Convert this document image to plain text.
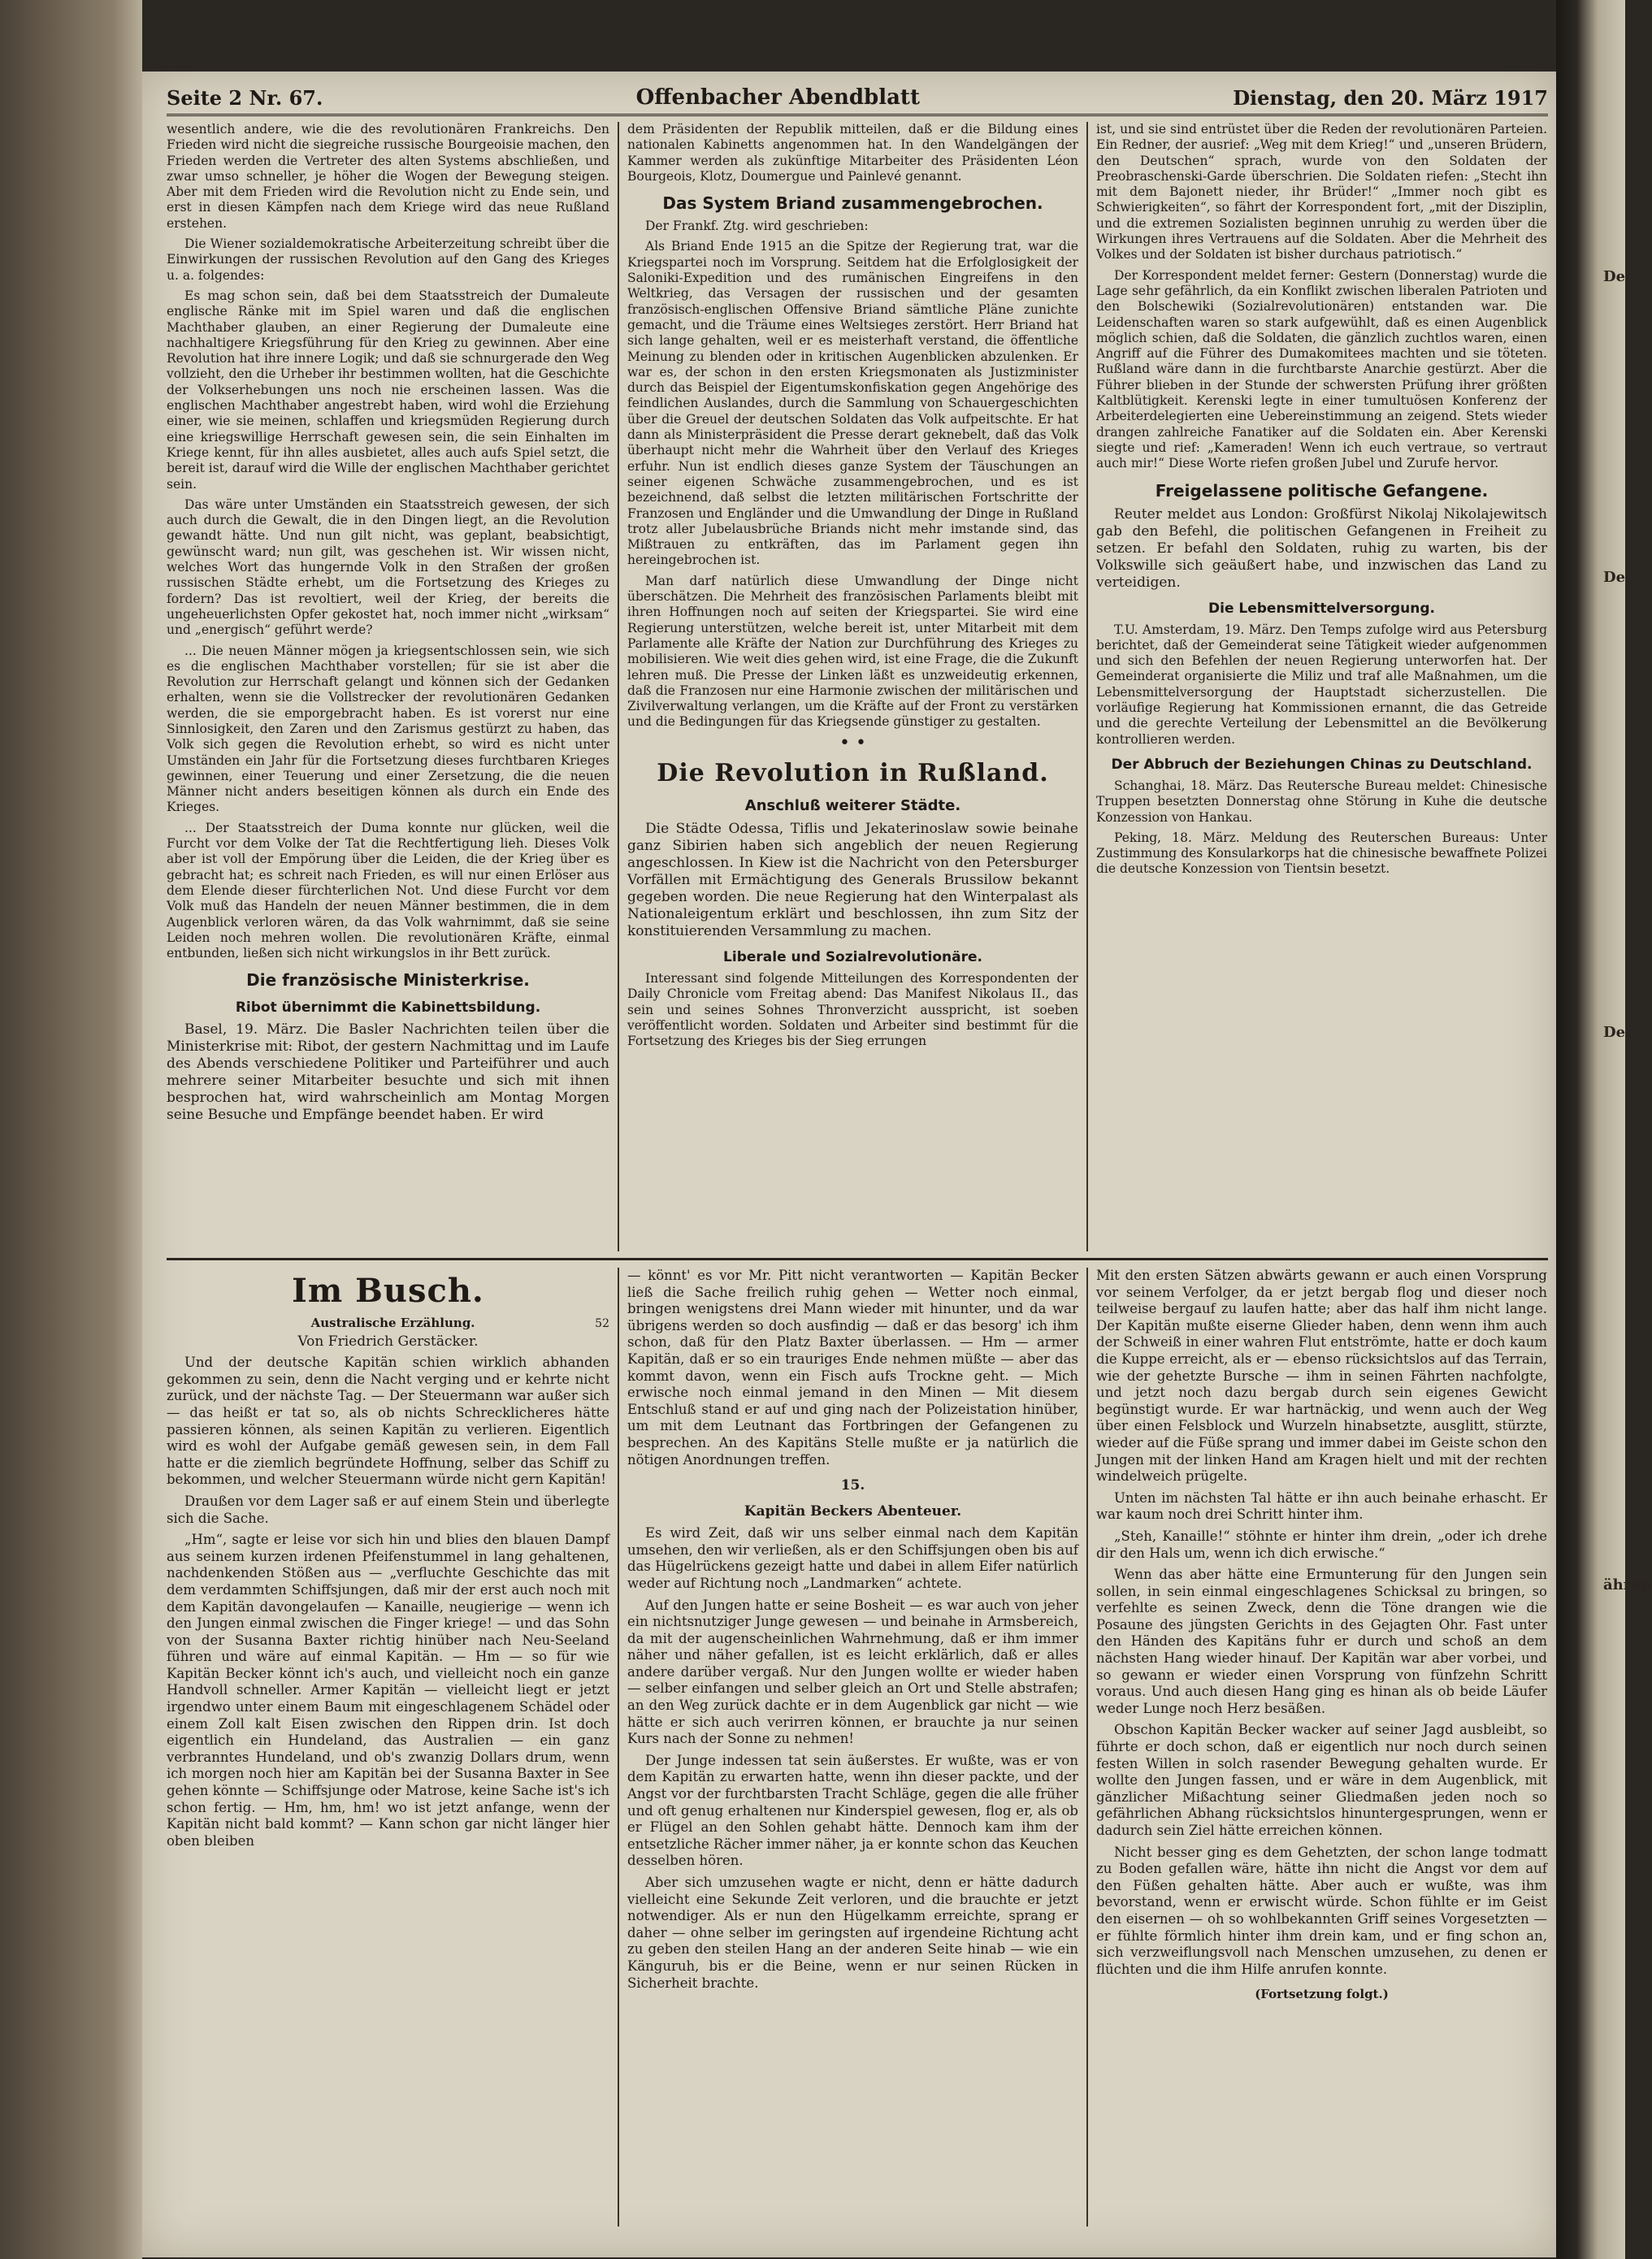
Der
De
Der
ährun
Seite 2 Nr. 67.	Offenbacher Abendblatt	Dienstag, den 20. März 1917

wesentlich andere, wie die des revolutionären Frankreichs. Den Frieden wird nicht die siegreiche russische Bourgeoisie machen, den Frieden werden die Vertreter des alten Systems abschließen, und zwar umso schneller, je höher die Wogen der Bewegung steigen. Aber mit dem Frieden wird die Revolution nicht zu Ende sein, und erst in diesen Kämpfen nach dem Kriege wird das neue Rußland erstehen.

Die Wiener sozialdemokratische Arbeiterzeitung schreibt über die Einwirkungen der russischen Revolution auf den Gang des Krieges u. a. folgendes:

Es mag schon sein, daß bei dem Staatsstreich der Dumaleute englische Ränke mit im Spiel waren und daß die englischen Machthaber glauben, an einer Regierung der Dumaleute eine nachhaltigere Kriegsführung für den Krieg zu gewinnen. Aber eine Revolution hat ihre innere Logik; und daß sie schnurgerade den Weg vollzieht, den die Urheber ihr bestimmen wollten, hat die Geschichte der Volkserhebungen uns noch nie erscheinen lassen. Was die englischen Machthaber angestrebt haben, wird wohl die Erziehung einer, wie sie meinen, schlaffen und kriegsmüden Regierung durch eine kriegswillige Herrschaft gewesen sein, die sein Einhalten im Kriege kennt, für ihn alles ausbietet, alles auch aufs Spiel setzt, die bereit ist, darauf wird die Wille der englischen Machthaber gerichtet sein.

Das wäre unter Umständen ein Staatsstreich gewesen, der sich auch durch die Gewalt, die in den Dingen liegt, an die Revolution gewandt hätte. Und nun gilt nicht, was geplant, beabsichtigt, gewünscht ward; nun gilt, was geschehen ist. Wir wissen nicht, welches Wort das hungernde Volk in den Straßen der großen russischen Städte erhebt, um die Fortsetzung des Krieges zu fordern? Das ist revoltiert, weil der Krieg, der bereits die ungeheuerlichsten Opfer gekostet hat, noch immer nicht „wirksam“ und „energisch“ geführt werde?

... Die neuen Männer mögen ja kriegsentschlossen sein, wie sich es die englischen Machthaber vorstellen; für sie ist aber die Revolution zur Herrschaft gelangt und können sich der Gedanken erhalten, wenn sie die Vollstrecker der revolutionären Gedanken werden, die sie emporgebracht haben. Es ist vorerst nur eine Sinnlosigkeit, den Zaren und den Zarismus gestürzt zu haben, das Volk sich gegen die Revolution erhebt, so wird es nicht unter Umständen ein Jahr für die Fortsetzung dieses furchtbaren Krieges gewinnen, einer Teuerung und einer Zersetzung, die die neuen Männer nicht anders beseitigen können als durch ein Ende des Krieges.

... Der Staatsstreich der Duma konnte nur glücken, weil die Furcht vor dem Volke der Tat die Rechtfertigung lieh. Dieses Volk aber ist voll der Empörung über die Leiden, die der Krieg über es gebracht hat; es schreit nach Frieden, es will nur einen Erlöser aus dem Elende dieser fürchterlichen Not. Und diese Furcht vor dem Volk muß das Handeln der neuen Männer bestimmen, die in dem Augenblick verloren wären, da das Volk wahrnimmt, daß sie seine Leiden noch mehren wollen. Die revolutionären Kräfte, einmal entbunden, ließen sich nicht wirkungslos in ihr Bett zurück.

Die französische Ministerkrise.
Ribot übernimmt die Kabinettsbildung.

Basel, 19. März. Die Basler Nachrichten teilen über die Ministerkrise mit: Ribot, der gestern Nachmittag und im Laufe des Abends verschiedene Politiker und Parteiführer und auch mehrere seiner Mitarbeiter besuchte und sich mit ihnen besprochen hat, wird wahrscheinlich am Montag Morgen seine Besuche und Empfänge beendet haben. Er wird

dem Präsidenten der Republik mitteilen, daß er die Bildung eines nationalen Kabinetts angenommen hat. In den Wandelgängen der Kammer werden als zukünftige Mitarbeiter des Präsidenten Léon Bourgeois, Klotz, Doumergue und Painlevé genannt.

Das System Briand zusammengebrochen.

Der Frankf. Ztg. wird geschrieben:

Als Briand Ende 1915 an die Spitze der Regierung trat, war die Kriegspartei noch im Vorsprung. Seitdem hat die Erfolglosigkeit der Saloniki-Expedition und des rumänischen Eingreifens in den Weltkrieg, das Versagen der russischen und der gesamten französisch-englischen Offensive Briand sämtliche Pläne zunichte gemacht, und die Träume eines Weltsieges zerstört. Herr Briand hat sich lange gehalten, weil er es meisterhaft verstand, die öffentliche Meinung zu blenden oder in kritischen Augenblicken abzulenken. Er war es, der schon in den ersten Kriegsmonaten als Justizminister durch das Beispiel der Eigentumskonfiskation gegen Angehörige des feindlichen Auslandes, durch die Sammlung von Schauergeschichten über die Greuel der deutschen Soldaten das Volk aufpeitschte. Er hat dann als Ministerpräsident die Presse derart geknebelt, daß das Volk überhaupt nicht mehr die Wahrheit über den Verlauf des Krieges erfuhr. Nun ist endlich dieses ganze System der Täuschungen an seiner eigenen Schwäche zusammengebrochen, und es ist bezeichnend, daß selbst die letzten militärischen Fortschritte der Franzosen und Engländer und die Umwandlung der Dinge in Rußland trotz aller Jubelausbrüche Briands nicht mehr imstande sind, das Mißtrauen zu entkräften, das im Parlament gegen ihn hereingebrochen ist.

Man darf natürlich diese Umwandlung der Dinge nicht überschätzen. Die Mehrheit des französischen Parlaments bleibt mit ihren Hoffnungen noch auf seiten der Kriegspartei. Sie wird eine Regierung unterstützen, welche bereit ist, unter Mitarbeit mit dem Parlamente alle Kräfte der Nation zur Durchführung des Krieges zu mobilisieren. Wie weit dies gehen wird, ist eine Frage, die die Zukunft lehren muß. Die Presse der Linken läßt es unzweideutig erkennen, daß die Franzosen nur eine Harmonie zwischen der militärischen und Zivilverwaltung verlangen, um die Kräfte auf der Front zu verstärken und die Bedingungen für das Kriegsende günstiger zu gestalten.

• •
Die Revolution in Rußland.
Anschluß weiterer Städte.

Die Städte Odessa, Tiflis und Jekaterinoslaw sowie beinahe ganz Sibirien haben sich angeblich der neuen Regierung angeschlossen. In Kiew ist die Nachricht von den Petersburger Vorfällen mit Ermächtigung des Generals Brussilow bekannt gegeben worden. Die neue Regierung hat den Winterpalast als Nationaleigentum erklärt und beschlossen, ihn zum Sitz der konstituierenden Versammlung zu machen.

Liberale und Sozialrevolutionäre.

Interessant sind folgende Mitteilungen des Korrespondenten der Daily Chronicle vom Freitag abend: Das Manifest Nikolaus II., das sein und seines Sohnes Thronverzicht ausspricht, ist soeben veröffentlicht worden. Soldaten und Arbeiter sind bestimmt für die Fortsetzung des Krieges bis der Sieg errungen

ist, und sie sind entrüstet über die Reden der revolutionären Parteien. Ein Redner, der ausrief: „Weg mit dem Krieg!“ und „unseren Brüdern, den Deutschen“ sprach, wurde von den Soldaten der Preobraschenski-Garde überschrien. Die Soldaten riefen: „Stecht ihn mit dem Bajonett nieder, ihr Brüder!“ „Immer noch gibt es Schwierigkeiten“, so fährt der Korrespondent fort, „mit der Disziplin, und die extremen Sozialisten beginnen unruhig zu werden über die Wirkungen ihres Vertrauens auf die Soldaten. Aber die Mehrheit des Volkes und der Soldaten ist bisher durchaus patriotisch.“

Der Korrespondent meldet ferner: Gestern (Donnerstag) wurde die Lage sehr gefährlich, da ein Konflikt zwischen liberalen Patrioten und den Bolschewiki (Sozialrevolutionären) entstanden war. Die Leidenschaften waren so stark aufgewühlt, daß es einen Augenblick möglich schien, daß die Soldaten, die gänzlich zuchtlos waren, einen Angriff auf die Führer des Dumakomitees machten und sie töteten. Rußland wäre dann in die furchtbarste Anarchie gestürzt. Aber die Führer blieben in der Stunde der schwersten Prüfung ihrer größten Kaltblütigkeit. Kerenski legte in einer tumultuösen Konferenz der Arbeiterdelegierten eine Uebereinstimmung an zeigend. Stets wieder drangen zahlreiche Fanatiker auf die Soldaten ein. Aber Kerenski siegte und rief: „Kameraden! Wenn ich euch vertraue, so vertraut auch mir!“ Diese Worte riefen großen Jubel und Zurufe hervor.

Freigelassene politische Gefangene.

Reuter meldet aus London: Großfürst Nikolaj Nikolajewitsch gab den Befehl, die politischen Gefangenen in Freiheit zu setzen. Er befahl den Soldaten, ruhig zu warten, bis der Volkswille sich geäußert habe, und inzwischen das Land zu verteidigen.

Die Lebensmittelversorgung.

T.U. Amsterdam, 19. März. Den Temps zufolge wird aus Petersburg berichtet, daß der Gemeinderat seine Tätigkeit wieder aufgenommen und sich den Befehlen der neuen Regierung unterworfen hat. Der Gemeinderat organisierte die Miliz und traf alle Maßnahmen, um die Lebensmittelversorgung der Hauptstadt sicherzustellen. Die vorläufige Regierung hat Kommissionen ernannt, die das Getreide und die gerechte Verteilung der Lebensmittel an die Bevölkerung kontrollieren werden.

Der Abbruch der Beziehungen Chinas zu Deutschland.

Schanghai, 18. März. Das Reutersche Bureau meldet: Chinesische Truppen besetzten Donnerstag ohne Störung in Kuhe die deutsche Konzession von Hankau.

Peking, 18. März. Meldung des Reuterschen Bureaus: Unter Zustimmung des Konsularkorps hat die chinesische bewaffnete Polizei die deutsche Konzession von Tientsin besetzt.

Im Busch.
Australische Erzählung.	52
Von Friedrich Gerstäcker.

Und der deutsche Kapitän schien wirklich abhanden gekommen zu sein, denn die Nacht verging und er kehrte nicht zurück, und der nächste Tag. — Der Steuermann war außer sich — das heißt er tat so, als ob nichts Schrecklicheres hätte passieren können, als seinen Kapitän zu verlieren. Eigentlich wird es wohl der Aufgabe gemäß gewesen sein, in dem Fall hatte er die ziemlich begründete Hoffnung, selber das Schiff zu bekommen, und welcher Steuermann würde nicht gern Kapitän!

Draußen vor dem Lager saß er auf einem Stein und überlegte sich die Sache.

„Hm“, sagte er leise vor sich hin und blies den blauen Dampf aus seinem kurzen irdenen Pfeifenstummel in lang gehaltenen, nachdenkenden Stößen aus — „verfluchte Geschichte das mit dem verdammten Schiffsjungen, daß mir der erst auch noch mit dem Kapitän davongelaufen — Kanaille, neugierige — wenn ich den Jungen einmal zwischen die Finger kriege! — und das Sohn von der Susanna Baxter richtig hinüber nach Neu-Seeland führen und wäre auf einmal Kapitän. — Hm — so für wie Kapitän Becker könnt ich's auch, und vielleicht noch ein ganze Handvoll schneller. Armer Kapitän — vielleicht liegt er jetzt irgendwo unter einem Baum mit eingeschlagenem Schädel oder einem Zoll kalt Eisen zwischen den Rippen drin. Ist doch eigentlich ein Hundeland, das Australien — ein ganz verbranntes Hundeland, und ob's zwanzig Dollars drum, wenn ich morgen noch hier am Kapitän bei der Susanna Baxter in See gehen könnte — Schiffsjunge oder Matrose, keine Sache ist's ich schon fertig. — Hm, hm, hm! wo ist jetzt anfange, wenn der Kapitän nicht bald kommt? — Kann schon gar nicht länger hier oben bleiben

— könnt' es vor Mr. Pitt nicht verantworten — Kapitän Becker ließ die Sache freilich ruhig gehen — Wetter noch einmal, bringen wenigstens drei Mann wieder mit hinunter, und da war übrigens werden so doch ausfindig — daß er das besorg' ich ihm schon, daß für den Platz Baxter überlassen. — Hm — armer Kapitän, daß er so ein trauriges Ende nehmen müßte — aber das kommt davon, wenn ein Fisch aufs Trockne geht. — Mich erwische noch einmal jemand in den Minen — Mit diesem Entschluß stand er auf und ging nach der Polizeistation hinüber, um mit dem Leutnant das Fortbringen der Gefangenen zu besprechen. An des Kapitäns Stelle mußte er ja natürlich die nötigen Anordnungen treffen.

15.
Kapitän Beckers Abenteuer.

Es wird Zeit, daß wir uns selber einmal nach dem Kapitän umsehen, den wir verließen, als er den Schiffsjungen oben bis auf das Hügelrückens gezeigt hatte und dabei in allem Eifer natürlich weder auf Richtung noch „Landmarken“ achtete.

Auf den Jungen hatte er seine Bosheit — es war auch von jeher ein nichtsnutziger Junge gewesen — und beinahe in Armsbereich, da mit der augenscheinlichen Wahrnehmung, daß er ihm immer näher und näher gefallen, ist es leicht erklärlich, daß er alles andere darüber vergaß. Nur den Jungen wollte er wieder haben — selber einfangen und selber gleich an Ort und Stelle abstrafen; an den Weg zurück dachte er in dem Augenblick gar nicht — wie hätte er sich auch verirren können, er brauchte ja nur seinen Kurs nach der Sonne zu nehmen!

Der Junge indessen tat sein äußerstes. Er wußte, was er von dem Kapitän zu erwarten hatte, wenn ihn dieser packte, und der Angst vor der furchtbarsten Tracht Schläge, gegen die alle früher und oft genug erhaltenen nur Kinderspiel gewesen, flog er, als ob er Flügel an den Sohlen gehabt hätte. Dennoch kam ihm der entsetzliche Rächer immer näher, ja er konnte schon das Keuchen desselben hören.

Aber sich umzusehen wagte er nicht, denn er hätte dadurch vielleicht eine Sekunde Zeit verloren, und die brauchte er jetzt notwendiger. Als er nun den Hügelkamm erreichte, sprang er daher — ohne selber im geringsten auf irgendeine Richtung acht zu geben den steilen Hang an der anderen Seite hinab — wie ein Känguruh, bis er die Beine, wenn er nur seinen Rücken in Sicherheit brachte.

Mit den ersten Sätzen abwärts gewann er auch einen Vorsprung vor seinem Verfolger, da er jetzt bergab flog und dieser noch teilweise bergauf zu laufen hatte; aber das half ihm nicht lange. Der Kapitän mußte eiserne Glieder haben, denn wenn ihm auch der Schweiß in einer wahren Flut entströmte, hatte er doch kaum die Kuppe erreicht, als er — ebenso rücksichtslos auf das Terrain, wie der gehetzte Bursche — ihm in seinen Fährten nachfolgte, und jetzt noch dazu bergab durch sein eigenes Gewicht begünstigt wurde. Er war hartnäckig, und wenn auch der Weg über einen Felsblock und Wurzeln hinabsetzte, ausglitt, stürzte, wieder auf die Füße sprang und immer dabei im Geiste schon den Jungen mit der linken Hand am Kragen hielt und mit der rechten windelweich prügelte.

Unten im nächsten Tal hätte er ihn auch beinahe erhascht. Er war kaum noch drei Schritt hinter ihm.

„Steh, Kanaille!“ stöhnte er hinter ihm drein, „oder ich drehe dir den Hals um, wenn ich dich erwische.“

Wenn das aber hätte eine Ermunterung für den Jungen sein sollen, in sein einmal eingeschlagenes Schicksal zu bringen, so verfehlte es seinen Zweck, denn die Töne drangen wie die Posaune des jüngsten Gerichts in des Gejagten Ohr. Fast unter den Händen des Kapitäns fuhr er durch und schoß an dem nächsten Hang wieder hinauf. Der Kapitän war aber vorbei, und so gewann er wieder einen Vorsprung von fünfzehn Schritt voraus. Und auch diesen Hang ging es hinan als ob beide Läufer weder Lunge noch Herz besäßen.

Obschon Kapitän Becker wacker auf seiner Jagd ausbleibt, so führte er doch schon, daß er eigentlich nur noch durch seinen festen Willen in solch rasender Bewegung gehalten wurde. Er wollte den Jungen fassen, und er wäre in dem Augenblick, mit gänzlicher Mißachtung seiner Gliedmaßen jeden noch so gefährlichen Abhang rücksichtslos hinuntergesprungen, wenn er dadurch sein Ziel hätte erreichen können.

Nicht besser ging es dem Gehetzten, der schon lange todmatt zu Boden gefallen wäre, hätte ihn nicht die Angst vor dem auf den Füßen gehalten hätte. Aber auch er wußte, was ihm bevorstand, wenn er erwischt würde. Schon fühlte er im Geist den eisernen — oh so wohlbekannten Griff seines Vorgesetzten — er fühlte förmlich hinter ihm drein kam, und er fing schon an, sich verzweiflungsvoll nach Menschen umzusehen, zu denen er flüchten und die ihm Hilfe anrufen konnte.

(Fortsetzung folgt.)
